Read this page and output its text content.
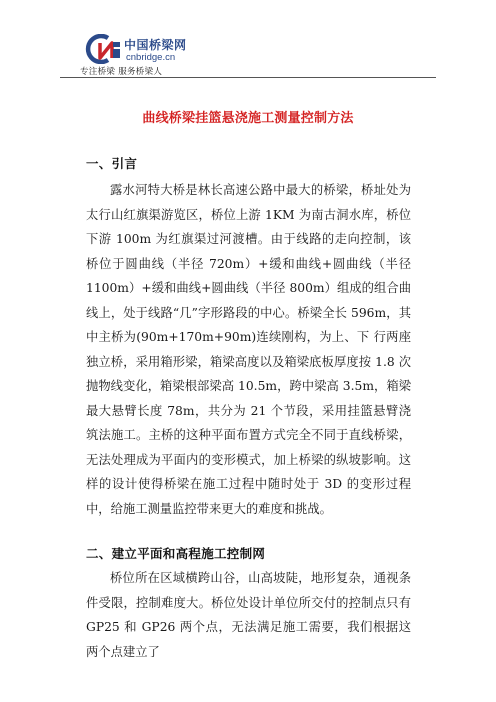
中国桥梁网
cnbridge.cn
专注桥梁 服务桥梁人
曲线桥梁挂篮悬浇施工测量控制方法
一、引言

露水河特大桥是林长高速公路中最大的桥梁，桥址处为太行山红旗渠游览区，桥位上游 1KM 为南古洞水库，桥位下游 100m 为红旗渠过河渡槽。由于线路的走向控制，该桥位于圆曲线（半径 720m）+缓和曲线+圆曲线（半径 1100m）+缓和曲线+圆曲线（半径 800m）组成的组合曲线上，处于线路“几”字形路段的中心。桥梁全长 596m，其中主桥为(90m+170m+90m)连续刚构，为上、下 行两座独立桥，采用箱形梁，箱梁高度以及箱梁底板厚度按 1.8 次抛物线变化，箱梁根部梁高 10.5m，跨中梁高 3.5m，箱梁最大悬臂长度 78m，共分为 21 个节段，采用挂篮悬臂浇筑法施工。主桥的这种平面布置方式完全不同于直线桥梁，无法处理成为平面内的变形模式，加上桥梁的纵坡影响。这样的设计使得桥梁在施工过程中随时处于 3D 的变形过程中，给施工测量监控带来更大的难度和挑战。

二、建立平面和高程施工控制网

桥位所在区域横跨山谷，山高坡陡，地形复杂，通视条件受限，控制难度大。桥位处设计单位所交付的控制点只有 GP25 和 GP26 两个点，无法满足施工需要，我们根据这两个点建立了
